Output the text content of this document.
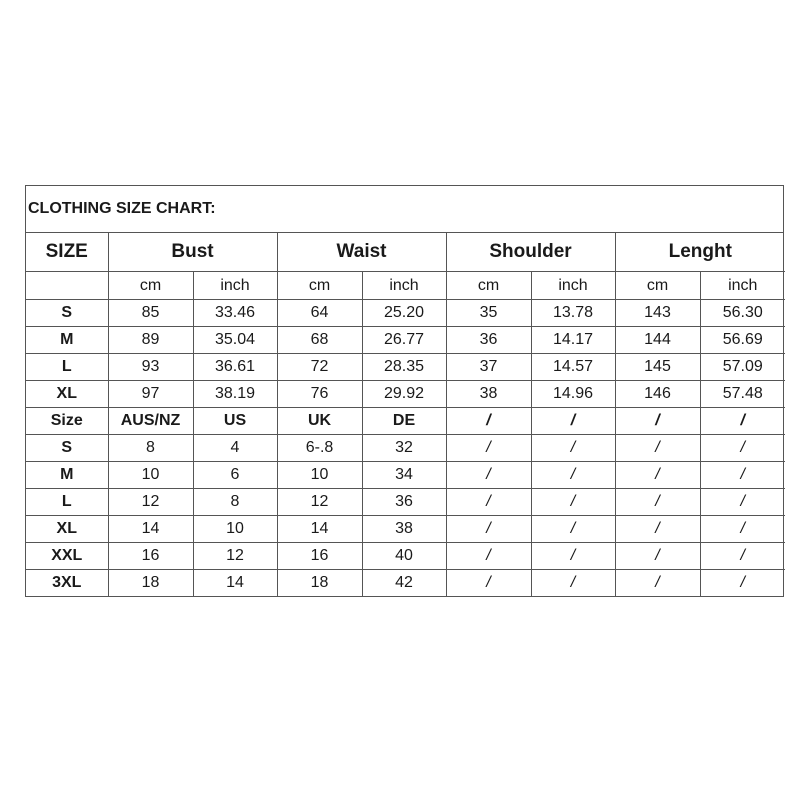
CLOTHING SIZE CHART:
SIZE	Bust		Waist		Shoulder		Lenght	
	cm	inch	cm	inch	cm	inch	cm	inch
S	85	33.46	64	25.20	35	13.78	143	56.30
M	89	35.04	68	26.77	36	14.17	144	56.69
L	93	36.61	72	28.35	37	14.57	145	57.09
XL	97	38.19	76	29.92	38	14.96	146	57.48
Size	AUS/NZ	US	UK	DE	/	/	/	/
S	8	4	6-.8	32	/	/	/	/
M	10	6	10	34	/	/	/	/
L	12	8	12	36	/	/	/	/
XL	14	10	14	38	/	/	/	/
XXL	16	12	16	40	/	/	/	/
3XL	18	14	18	42	/	/	/	/
